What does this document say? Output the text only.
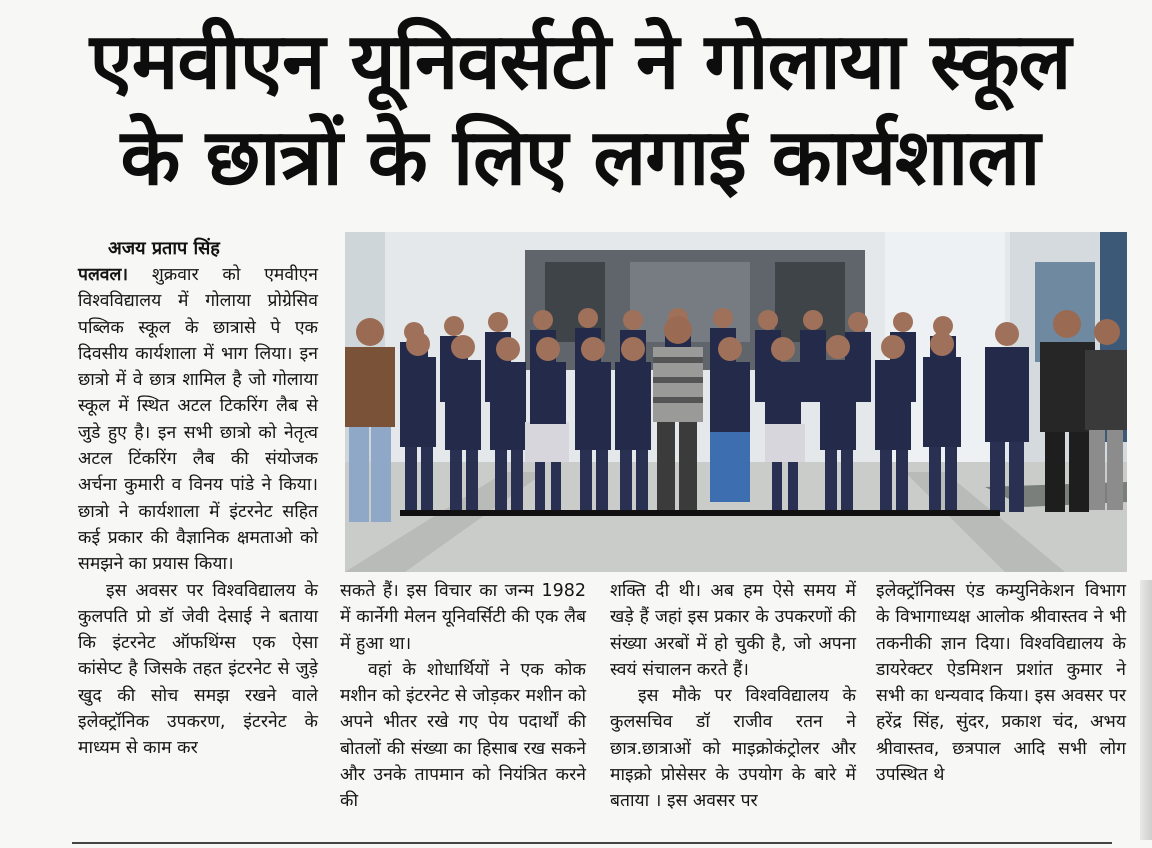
एमवीएन यूनिवर्सटी ने गोलाया स्कूल
के छात्रों के लिए लगाई कार्यशाला
अजय प्रताप सिंह

पलवल। शुक्रवार को एमवीएन विश्वविद्यालय में गोलाया प्रोग्रेसिव पब्लिक स्कूल के छात्रासे पे एक दिवसीय कार्यशाला में भाग लिया। इन छात्रो में वे छात्र शामिल है जो गोलाया स्कूल में स्थित अटल टिकरिंग लैब से जुडे हुए है। इन सभी छात्रो को नेतृत्व अटल टिंकरिंग लैब की संयोजक अर्चना कुमारी व विनय पांडे ने किया। छात्रो ने कार्यशाला में इंटरनेट सहित कई प्रकार की वैज्ञानिक क्षमताओ को समझने का प्रयास किया।

इस अवसर पर विश्वविद्यालय के कुलपति प्रो डॉ जेवी देसाई ने बताया कि इंटरनेट ऑफथिंग्स एक ऐसा कांसेप्ट है जिसके तहत इंटरनेट से जुड़े खुद की सोच समझ रखने वाले इलेक्ट्रॉनिक उपकरण, इंटरनेट के माध्यम से काम कर

सकते हैं। इस विचार का जन्म 1982 में कार्नेगी मेलन यूनिवर्सिटी की एक लैब में हुआ था।

वहां के शोधार्थियों ने एक कोक मशीन को इंटरनेट से जोड़कर मशीन को अपने भीतर रखे गए पेय पदार्थों की बोतलों की संख्या का हिसाब रख सकने और उनके तापमान को नियंत्रित करने की

शक्ति दी थी। अब हम ऐसे समय में खड़े हैं जहां इस प्रकार के उपकरणों की संख्या अरबों में हो चुकी है, जो अपना स्वयं संचालन करते हैं।

इस मौके पर विश्वविद्यालय के कुलसचिव डॉ राजीव रतन ने छात्र.छात्राओं को माइक्रोकंट्रोलर और माइक्रो प्रोसेसर के उपयोग के बारे में बताया । इस अवसर पर

इलेक्ट्रॉनिक्स एंड कम्युनिकेशन विभाग के विभागाध्यक्ष आलोक श्रीवास्तव ने भी तकनीकी ज्ञान दिया। विश्वविद्यालय के डायरेक्टर ऐडमिशन प्रशांत कुमार ने सभी का धन्यवाद किया। इस अवसर पर हरेंद्र सिंह, सुंदर, प्रकाश चंद, अभय श्रीवास्तव, छत्रपाल आदि सभी लोग उपस्थित थे
